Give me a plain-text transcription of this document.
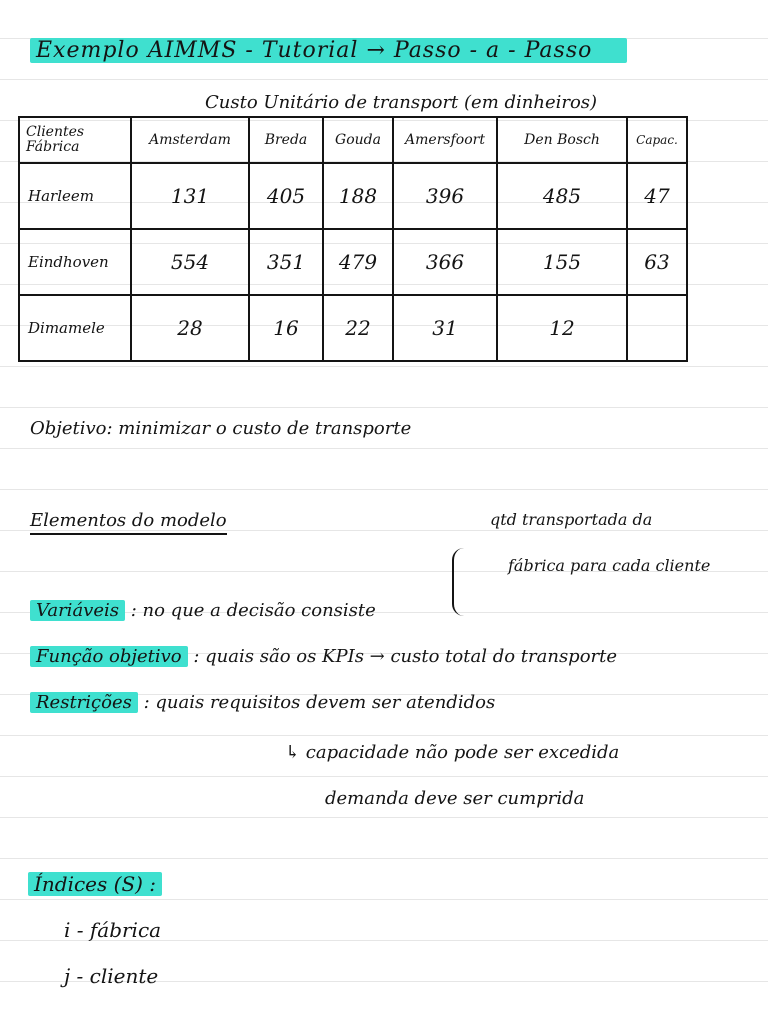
Exemplo AIMMS - Tutorial → Passo - a - Passo
Custo Unitário de transport (em dinheiros)
Clientes
Fábrica	Amsterdam	Breda	Gouda	Amersfoort	Den Bosch	Capac.
Harleem	131	405	188	396	485	47
Eindhoven	554	351	479	366	155	63
Dimamele	28	16	22	31	12	
Objetivo: minimizar o custo de transporte
Elementos do modelo	qtd transportada da
fábrica para cada cliente
Variáveis : no que a decisão consiste
Função objetivo : quais são os KPIs → custo total do transporte
Restrições : quais requisitos devem ser atendidos
↳ capacidade não pode ser excedida
demanda deve ser cumprida
Índices (S) :
i - fábrica
j - cliente
